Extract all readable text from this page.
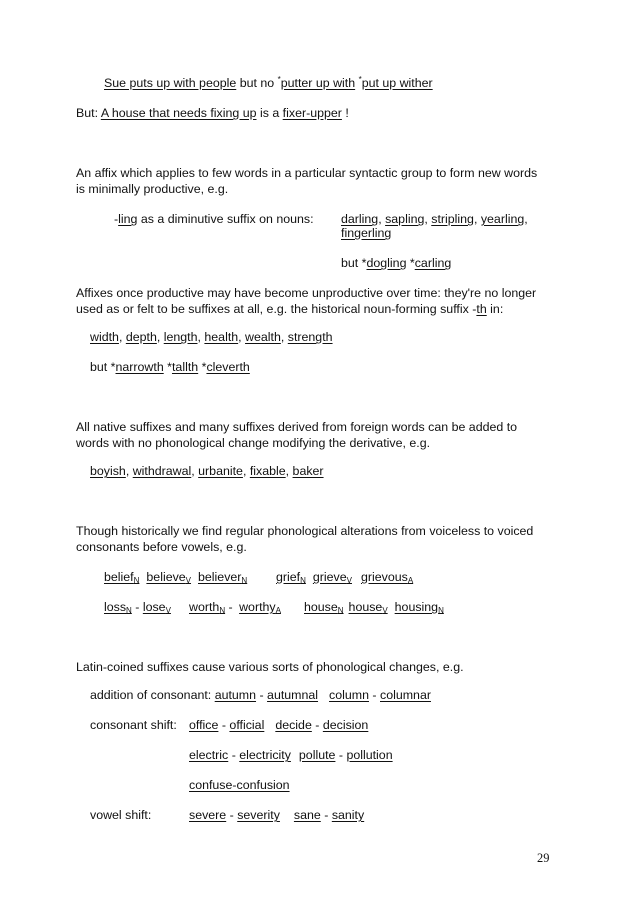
Sue puts up with people but no *putter up with *put up wither
But: A house that needs fixing up is a fixer-upper !
An affix which applies to few words in a particular syntactic group to form new words
is minimally productive, e.g.
-ling as a diminutive suffix on nouns: darling, sapling, stripling, yearling,
fingerling
but *dogling *carling
Affixes once productive may have become unproductive over time: they're no longer
used as or felt to be suffixes at all, e.g. the historical noun-forming suffix -th in:
width, depth, length, health, wealth, strength
but *narrowth *tallth *cleverth
All native suffixes and many suffixes derived from foreign words can be added to
words with no phonological change modifying the derivative, e.g.
boyish, withdrawal, urbanite, fixable, baker
Though historically we find regular phonological alterations from voiceless to voiced
consonants before vowels, e.g.
belief$_N$ believe$_V$ believer$_N$ grief$_N$ grieve$_V$ grievous$_A$
loss$_N$ - lose$_V$ worth$_N$ - worthy$_A$ house$_N$ house$_V$ housing$_N$
Latin-coined suffixes cause various sorts of phonological changes, e.g.
addition of consonant: autumn - autumnal column - columnar
consonant shift: office - official decide - decision
electric - electricity pollute - pollution
confuse-confusion
vowel shift:	severe - severity sane - sanity
29
